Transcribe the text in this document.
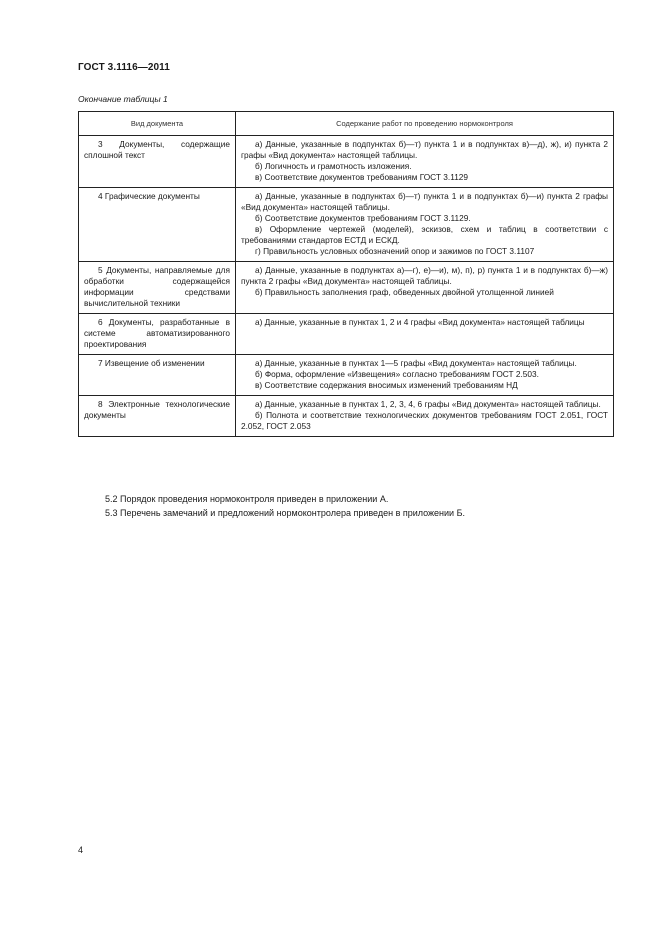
ГОСТ 3.1116—2011
Окончание таблицы 1
Вид документа	Содержание работ по проведению нормоконтроля
3 Документы, содержащие сплошной текст	а) Данные, указанные в подпунктах б)—т) пункта 1 и в подпунктах в)—д), ж), и) пункта 2 графы «Вид документа» настоящей таблицы.
б) Логичность и грамотность изложения.
в) Соответствие документов требованиям ГОСТ 3.1129

4 Графические документы	а) Данные, указанные в подпунктах б)—т) пункта 1 и в подпунктах б)—и) пункта 2 графы «Вид документа» настоящей таблицы.
б) Соответствие документов требованиям ГОСТ 3.1129.
в) Оформление чертежей (моделей), эскизов, схем и таблиц в соответствии с требованиями стандартов ЕСТД и ЕСКД.
г) Правильность условных обозначений опор и зажимов по ГОСТ 3.1107

5 Документы, направляемые для обработки содержащейся информации средствами вычислительной техники	а) Данные, указанные в подпунктах а)—г), е)—и), м), п), р) пункта 1 и в подпунктах б)—ж) пункта 2 графы «Вид документа» настоящей таблицы.
б) Правильность заполнения граф, обведенных двойной утолщенной линией

6 Документы, разработанные в системе автоматизированного проектирования	а) Данные, указанные в пунктах 1, 2 и 4 графы «Вид документа» настоящей таблицы

7 Извещение об изменении	а) Данные, указанные в пунктах 1—5 графы «Вид документа» настоящей таблицы.
б) Форма, оформление «Извещения» согласно требованиям ГОСТ 2.503.
в) Соответствие содержания вносимых изменений требованиям НД

8 Электронные технологические документы	а) Данные, указанные в пунктах 1, 2, 3, 4, 6 графы «Вид документа» настоящей таблицы.
б) Полнота и соответствие технологических документов требованиям ГОСТ 2.051, ГОСТ 2.052, ГОСТ 2.053

5.2 Порядок проведения нормоконтроля приведен в приложении А.

5.3 Перечень замечаний и предложений нормоконтролера приведен в приложении Б.

4
